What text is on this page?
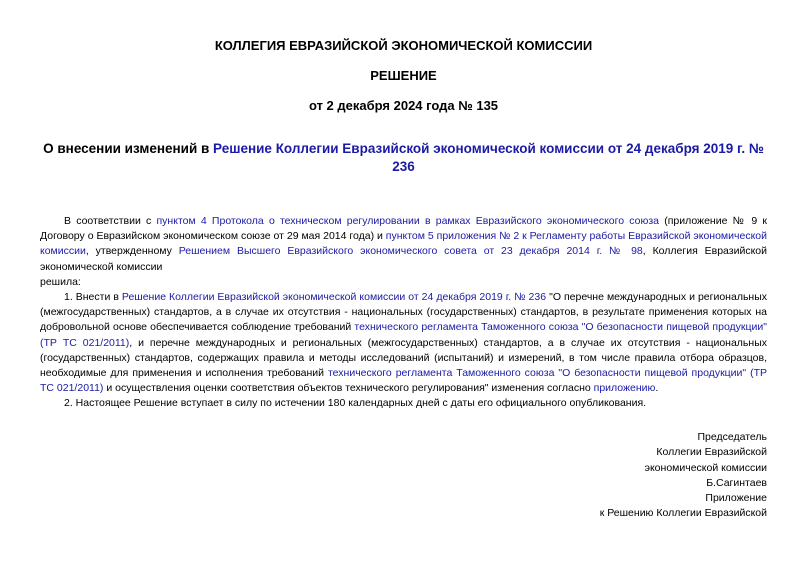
КОЛЛЕГИЯ ЕВРАЗИЙСКОЙ ЭКОНОМИЧЕСКОЙ КОМИССИИ
РЕШЕНИЕ
от 2 декабря 2024 года № 135
О внесении изменений в Решение Коллегии Евразийской экономической комиссии от 24 декабря 2019 г. № 236

В соответствии с пунктом 4 Протокола о техническом регулировании в рамках Евразийского экономического союза (приложение № 9 к Договору о Евразийском экономическом союзе от 29 мая 2014 года) и пунктом 5 приложения № 2 к Регламенту работы Евразийской экономической комиссии, утвержденному Решением Высшего Евразийского экономического совета от 23 декабря 2014 г. № 98, Коллегия Евразийской экономической комиссии

решила:

1. Внести в Решение Коллегии Евразийской экономической комиссии от 24 декабря 2019 г. № 236 "О перечне международных и региональных (межгосударственных) стандартов, а в случае их отсутствия - национальных (государственных) стандартов, в результате применения которых на добровольной основе обеспечивается соблюдение требований технического регламента Таможенного союза "О безопасности пищевой продукции" (ТР ТС 021/2011), и перечне международных и региональных (межгосударственных) стандартов, а в случае их отсутствия - национальных (государственных) стандартов, содержащих правила и методы исследований (испытаний) и измерений, в том числе правила отбора образцов, необходимые для применения и исполнения требований технического регламента Таможенного союза "О безопасности пищевой продукции" (ТР ТС 021/2011) и осуществления оценки соответствия объектов технического регулирования" изменения согласно приложению.

2. Настоящее Решение вступает в силу по истечении 180 календарных дней с даты его официального опубликования.

Председатель
Коллегии Евразийской
экономической комиссии
Б.Сагинтаев
Приложение
к Решению Коллегии Евразийской
